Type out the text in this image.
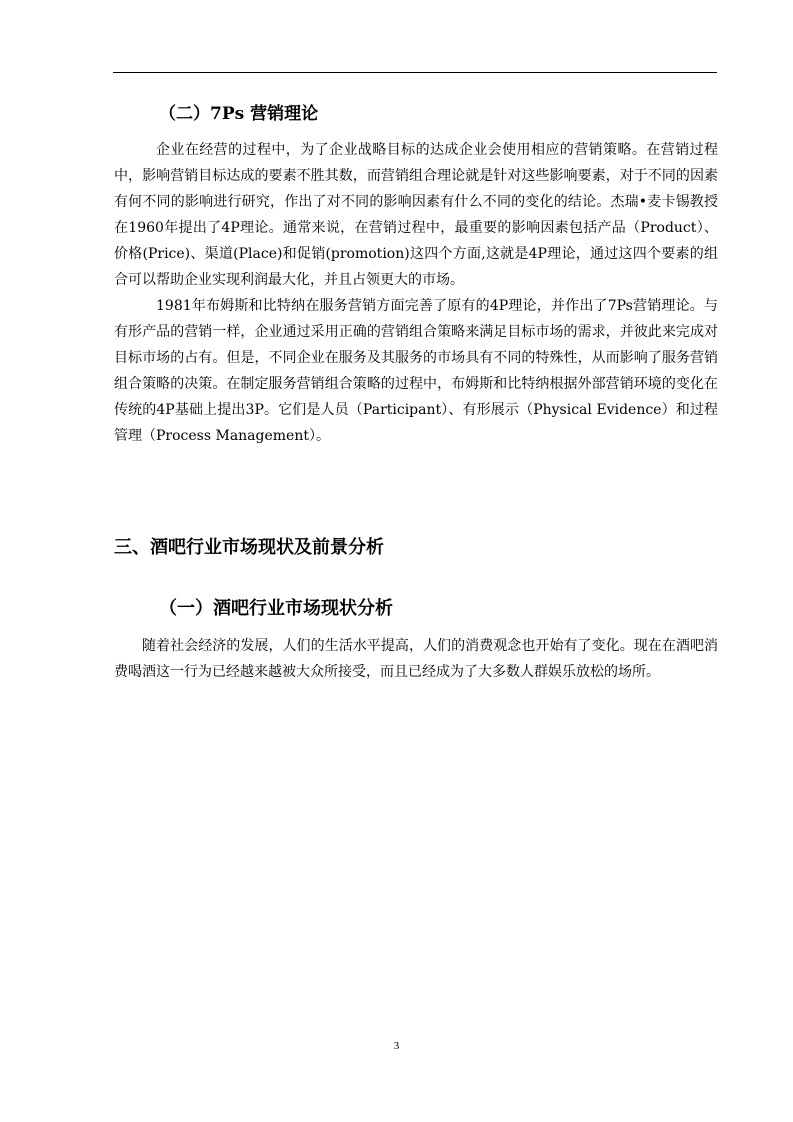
（二）7Ps 营销理论

企业在经营的过程中，为了企业战略目标的达成企业会使用相应的营销策略。在营销过程中，影响营销目标达成的要素不胜其数，而营销组合理论就是针对这些影响要素，对于不同的因素有何不同的影响进行研究，作出了对不同的影响因素有什么不同的变化的结论。杰瑞•麦卡锡教授在1960年提出了4P理论。通常来说，在营销过程中，最重要的影响因素包括产品（Product）、价格(Price)、渠道(Place)和促销(promotion)这四个方面,这就是4P理论，通过这四个要素的组合可以帮助企业实现利润最大化，并且占领更大的市场。

1981年布姆斯和比特纳在服务营销方面完善了原有的4P理论，并作出了7Ps营销理论。与有形产品的营销一样，企业通过采用正确的营销组合策略来满足目标市场的需求，并彼此来完成对目标市场的占有。但是，不同企业在服务及其服务的市场具有不同的特殊性，从而影响了服务营销组合策略的决策。在制定服务营销组合策略的过程中，布姆斯和比特纳根据外部营销环境的变化在传统的4P基础上提出3P。它们是人员（Participant）、有形展示（Physical Evidence）和过程管理（Process Management）。

三、酒吧行业市场现状及前景分析
（一）酒吧行业市场现状分析

随着社会经济的发展，人们的生活水平提高，人们的消费观念也开始有了变化。现在在酒吧消费喝酒这一行为已经越来越被大众所接受，而且已经成为了大多数人群娱乐放松的场所。

3
